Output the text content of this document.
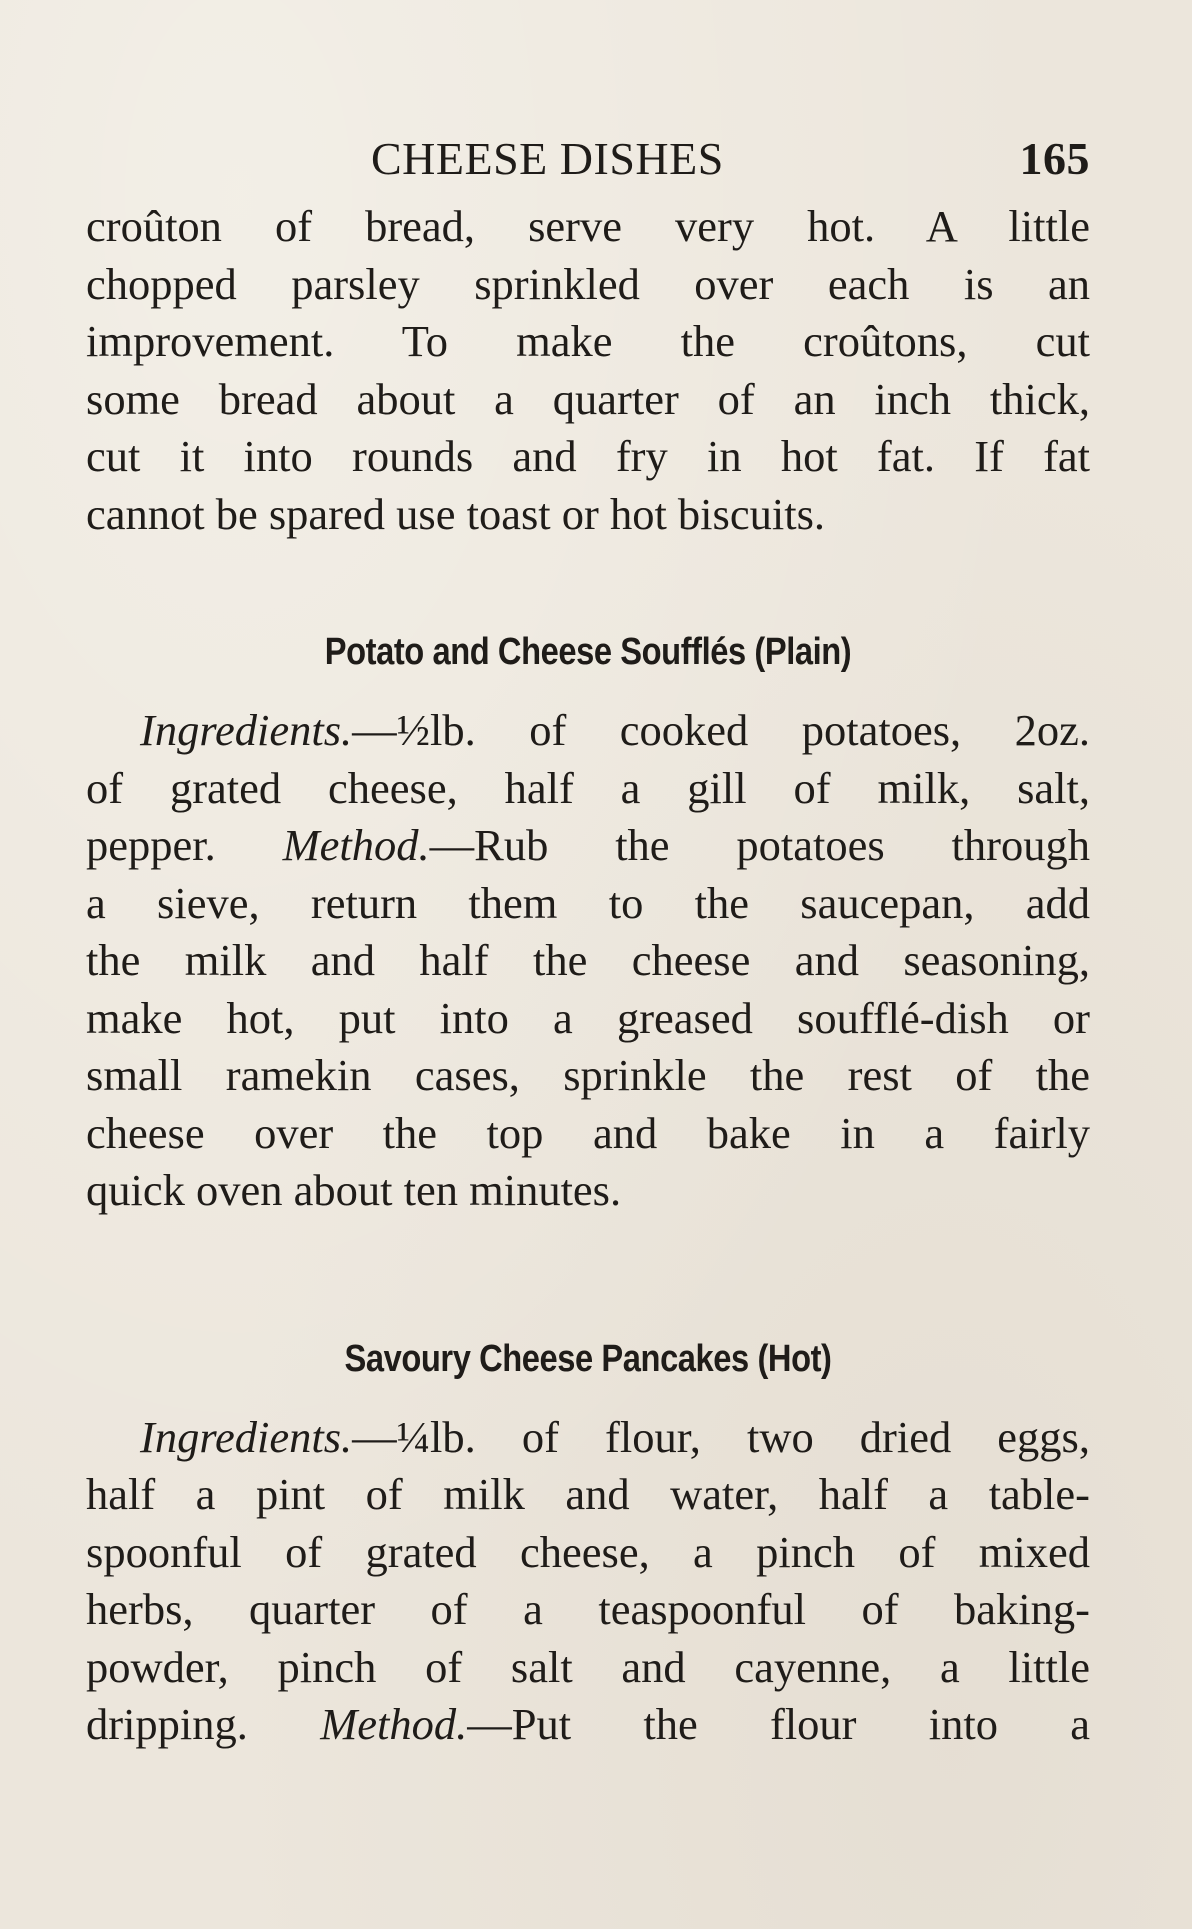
CHEESE DISHES	165

croûton of bread, serve very hot. A little
chopped parsley sprinkled over each is an
improvement. To make the croûtons, cut
some bread about a quarter of an inch thick,
cut it into rounds and fry in hot fat. If fat
cannot be spared use toast or hot biscuits.

Potato and Cheese Soufflés (Plain)

Ingredients.—½lb. of cooked potatoes, 2oz.
of grated cheese, half a gill of milk, salt,
pepper. Method.—Rub the potatoes through
a sieve, return them to the saucepan, add
the milk and half the cheese and seasoning,
make hot, put into a greased soufflé-dish or
small ramekin cases, sprinkle the rest of the
cheese over the top and bake in a fairly
quick oven about ten minutes.

Savoury Cheese Pancakes (Hot)

Ingredients.—¼lb. of flour, two dried eggs,
half a pint of milk and water, half a table-
spoonful of grated cheese, a pinch of mixed
herbs, quarter of a teaspoonful of baking-
powder, pinch of salt and cayenne, a little
dripping. Method.—Put the flour into a
